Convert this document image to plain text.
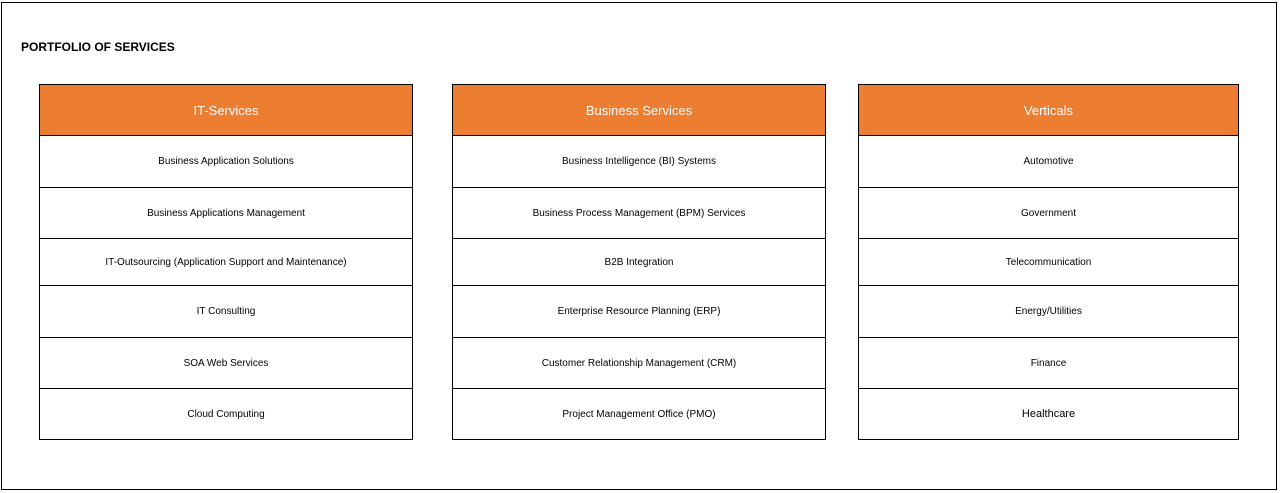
PORTFOLIO OF SERVICES
IT-Services
Business Application Solutions
Business Applications Management
IT-Outsourcing (Application Support and Maintenance)
IT Consulting
SOA Web Services
Cloud Computing
Business Services
Business Intelligence (BI) Systems
Business Process Management (BPM) Services
B2B Integration
Enterprise Resource Planning (ERP)
Customer Relationship Management (CRM)
Project Management Office (PMO)
Verticals
Automotive
Government
Telecommunication
Energy/Utilities
Finance
Healthcare
